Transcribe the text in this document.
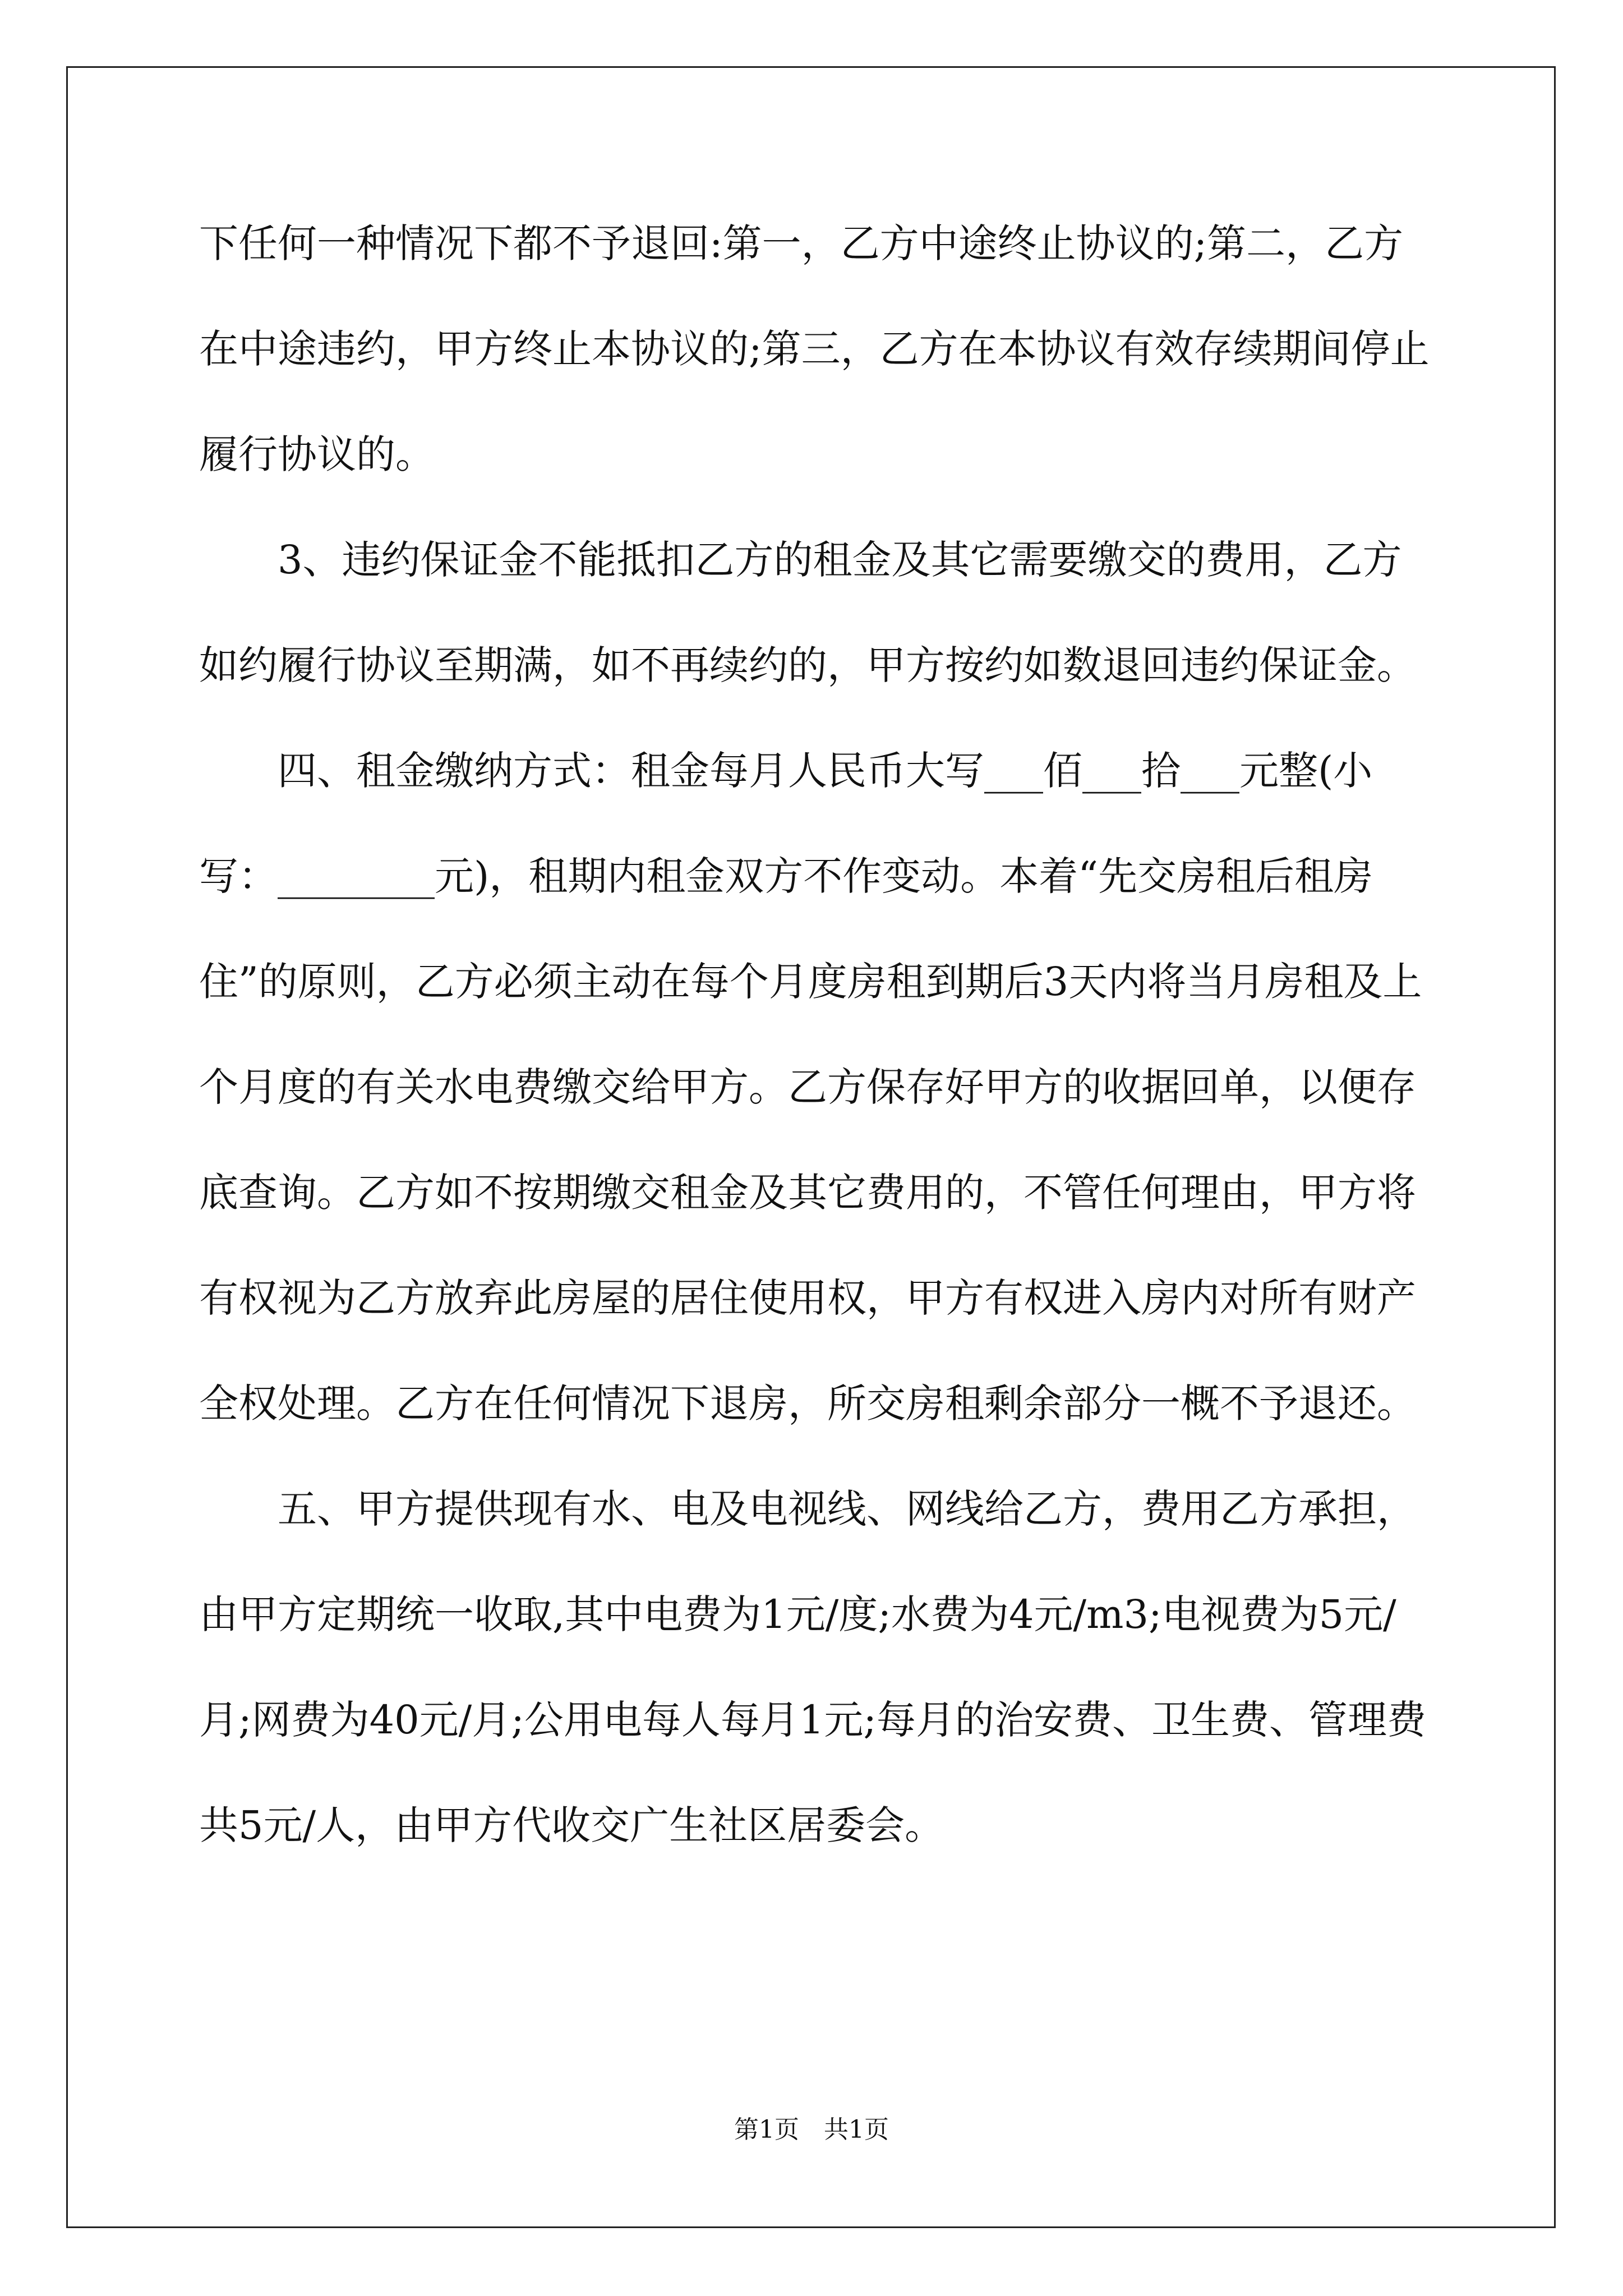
下任何一种情况下都不予退回:第一，乙方中途终止协议的;第二，乙方在中途违约，甲方终止本协议的;第三，乙方在本协议有效存续期间停止履行协议的。

　　3、违约保证金不能抵扣乙方的租金及其它需要缴交的费用，乙方如约履行协议至期满，如不再续约的，甲方按约如数退回违约保证金。

　　四、租金缴纳方式：租金每月人民币大写___佰___拾___元整(小写：________元)，租期内租金双方不作变动。本着“先交房租后租房住”的原则，乙方必须主动在每个月度房租到期后3天内将当月房租及上个月度的有关水电费缴交给甲方。乙方保存好甲方的收据回单，以便存底查询。乙方如不按期缴交租金及其它费用的，不管任何理由，甲方将有权视为乙方放弃此房屋的居住使用权，甲方有权进入房内对所有财产全权处理。乙方在任何情况下退房，所交房租剩余部分一概不予退还。

　　五、甲方提供现有水、电及电视线、网线给乙方，费用乙方承担，由甲方定期统一收取,其中电费为1元/度;水费为4元/m3;电视费为5元/月;网费为40元/月;公用电每人每月1元;每月的治安费、卫生费、管理费共5元/人，由甲方代收交广生社区居委会。

第1页　共1页
